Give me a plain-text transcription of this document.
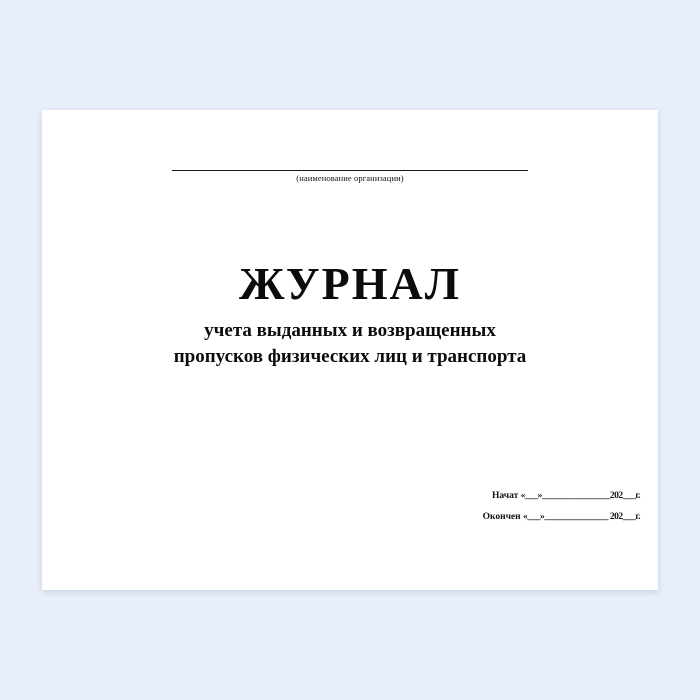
(наименование организации)
ЖУРНАЛ
учета выданных и возвращенных
пропусков физических лиц и транспорта
Начат «___»________________202___г.
Окончен «___»_______________ 202___г.
